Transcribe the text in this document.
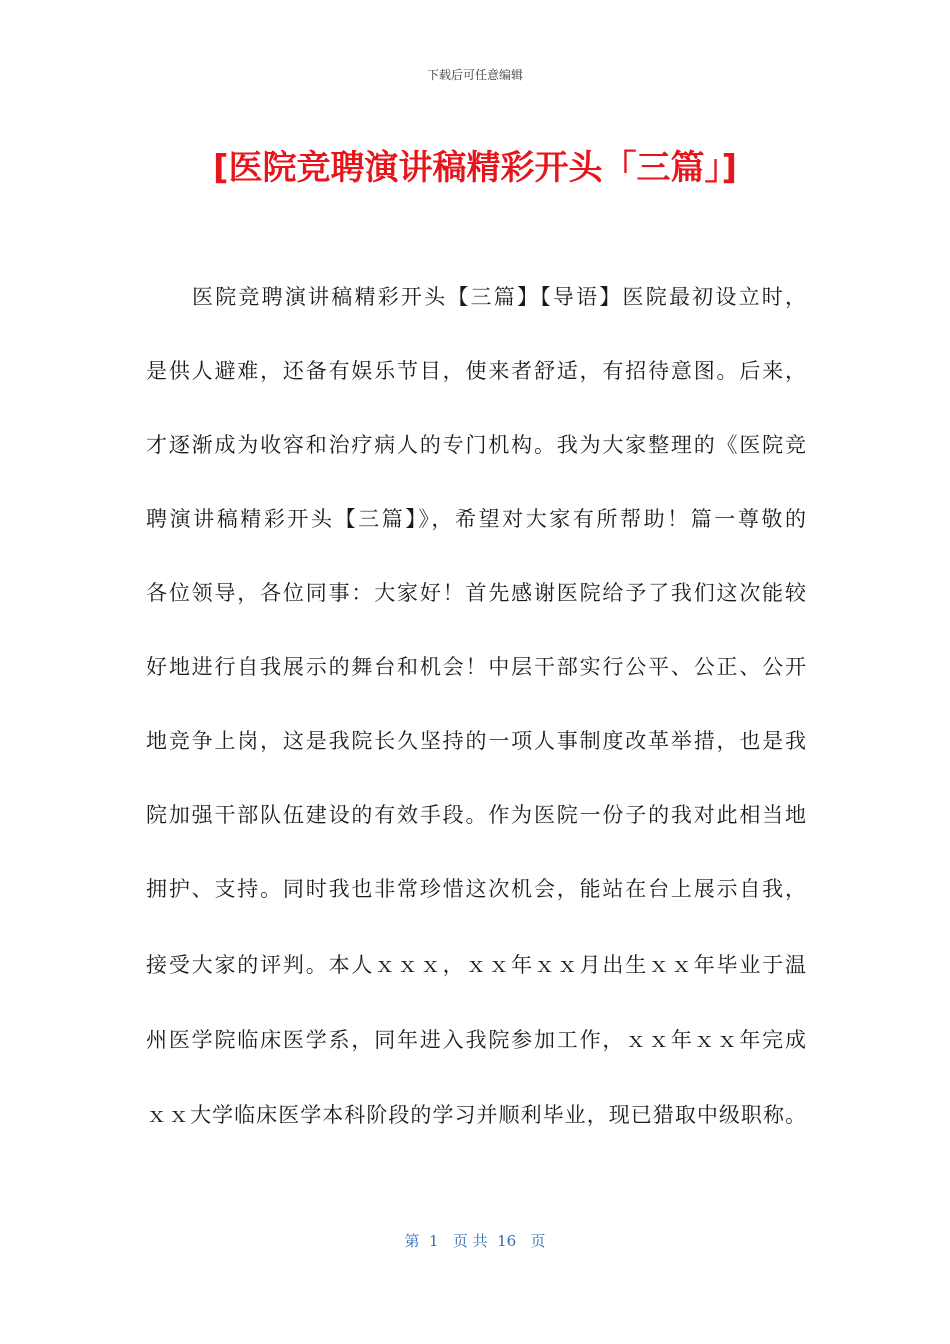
下载后可任意编辑
[医院竞聘演讲稿精彩开头「三篇」]
医院竞聘演讲稿精彩开头【三篇】【导语】医院最初设立时，
是供人避难，还备有娱乐节目，使来者舒适，有招待意图。后来，
才逐渐成为收容和治疗病人的专门机构。我为大家整理的《医院竞
聘演讲稿精彩开头【三篇】》，希望对大家有所帮助！篇一尊敬的
各位领导，各位同事：大家好！首先感谢医院给予了我们这次能较
好地进行自我展示的舞台和机会！中层干部实行公平、公正、公开
地竞争上岗，这是我院长久坚持的一项人事制度改革举措，也是我
院加强干部队伍建设的有效手段。作为医院一份子的我对此相当地
拥护、支持。同时我也非常珍惜这次机会，能站在台上展示自我，
接受大家的评判。本人ｘｘｘ，ｘｘ年ｘｘ月出生ｘｘ年毕业于温
州医学院临床医学系，同年进入我院参加工作，ｘｘ年ｘｘ年完成
ｘｘ大学临床医学本科阶段的学习并顺利毕业，现已猎取中级职称。
第  1   页 共  16   页
